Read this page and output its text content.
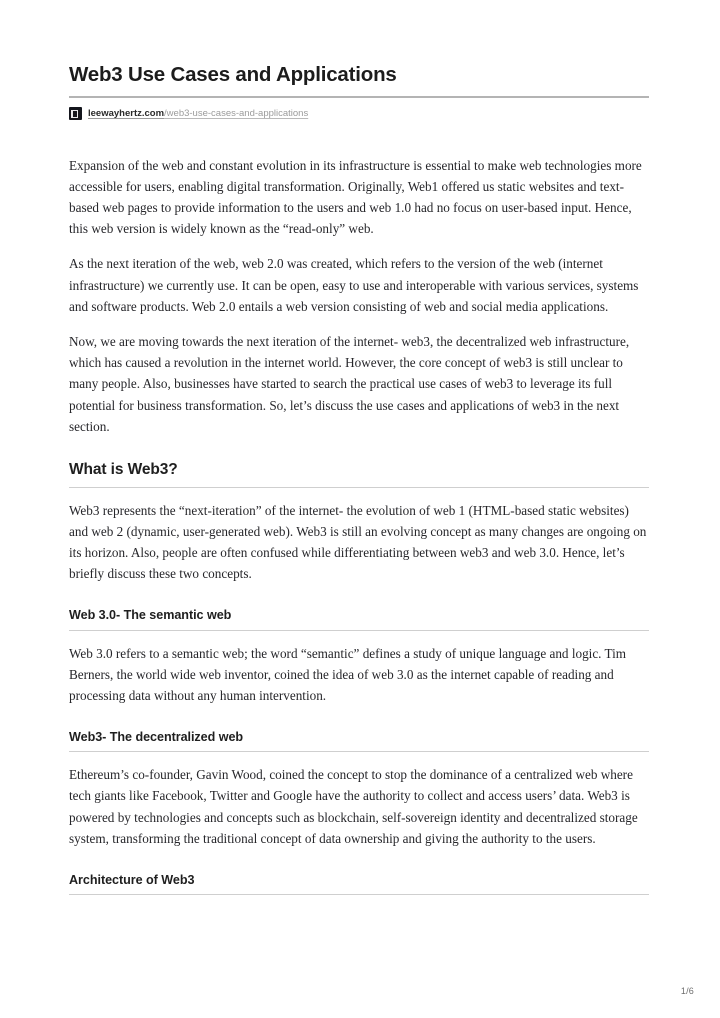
Web3 Use Cases and Applications
leewayhertz.com/web3-use-cases-and-applications

Expansion of the web and constant evolution in its infrastructure is essential to make web technologies more accessible for users, enabling digital transformation. Originally, Web1 offered us static websites and text-based web pages to provide information to the users and web 1.0 had no focus on user-based input. Hence, this web version is widely known as the “read-only” web.

As the next iteration of the web, web 2.0 was created, which refers to the version of the web (internet infrastructure) we currently use. It can be open, easy to use and interoperable with various services, systems and software products. Web 2.0 entails a web version consisting of web and social media applications.

Now, we are moving towards the next iteration of the internet- web3, the decentralized web infrastructure, which has caused a revolution in the internet world. However, the core concept of web3 is still unclear to many people. Also, businesses have started to search the practical use cases of web3 to leverage its full potential for business transformation. So, let’s discuss the use cases and applications of web3 in the next section.

What is Web3?

Web3 represents the “next-iteration” of the internet- the evolution of web 1 (HTML-based static websites) and web 2 (dynamic, user-generated web). Web3 is still an evolving concept as many changes are ongoing on its horizon. Also, people are often confused while differentiating between web3 and web 3.0. Hence, let’s briefly discuss these two concepts.

Web 3.0- The semantic web

Web 3.0 refers to a semantic web; the word “semantic” defines a study of unique language and logic. Tim Berners, the world wide web inventor, coined the idea of web 3.0 as the internet capable of reading and processing data without any human intervention.

Web3- The decentralized web

Ethereum’s co-founder, Gavin Wood, coined the concept to stop the dominance of a centralized web where tech giants like Facebook, Twitter and Google have the authority to collect and access users’ data. Web3 is powered by technologies and concepts such as blockchain, self-sovereign identity and decentralized storage system, transforming the traditional concept of data ownership and giving the authority to the users.

Architecture of Web3
1/6
